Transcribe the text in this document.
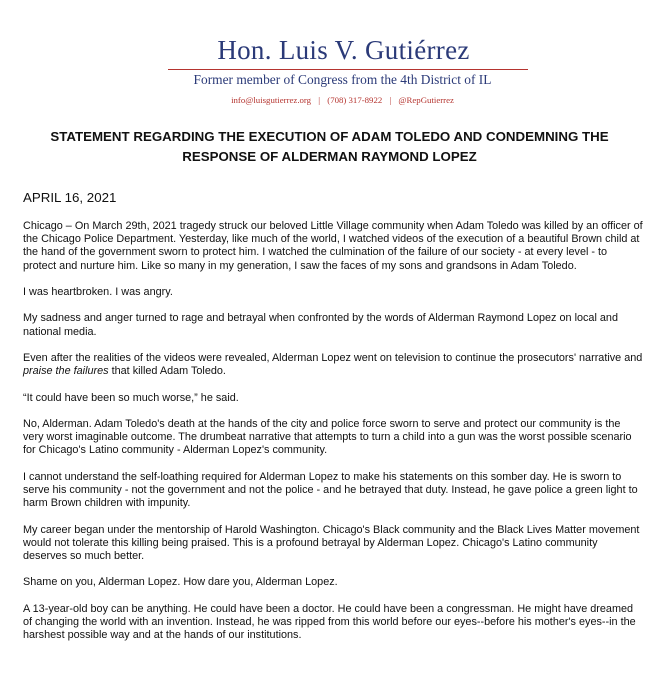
Hon. Luis V. Gutiérrez
Former member of Congress from the 4th District of IL
info@luisgutierrez.org | (708) 317-8922 | @RepGutierrez
STATEMENT REGARDING THE EXECUTION OF ADAM TOLEDO AND CONDEMNING THE
RESPONSE OF ALDERMAN RAYMOND LOPEZ
APRIL 16, 2021

Chicago – On March 29th, 2021 tragedy struck our beloved Little Village community when Adam Toledo was killed by an officer of the Chicago Police Department. Yesterday, like much of the world, I watched videos of the execution of a beautiful Brown child at the hand of the government sworn to protect him. I watched the culmination of the failure of our society - at every level - to protect and nurture him. Like so many in my generation, I saw the faces of my sons and grandsons in Adam Toledo.

I was heartbroken. I was angry.

My sadness and anger turned to rage and betrayal when confronted by the words of Alderman Raymond Lopez on local and national media.

Even after the realities of the videos were revealed, Alderman Lopez went on television to continue the prosecutors' narrative and praise the failures that killed Adam Toledo.

“It could have been so much worse,” he said.

No, Alderman. Adam Toledo's death at the hands of the city and police force sworn to serve and protect our community is the very worst imaginable outcome. The drumbeat narrative that attempts to turn a child into a gun was the worst possible scenario for Chicago's Latino community - Alderman Lopez's community.

I cannot understand the self-loathing required for Alderman Lopez to make his statements on this somber day. He is sworn to serve his community - not the government and not the police - and he betrayed that duty. Instead, he gave police a green light to harm Brown children with impunity.

My career began under the mentorship of Harold Washington. Chicago's Black community and the Black Lives Matter movement would not tolerate this killing being praised. This is a profound betrayal by Alderman Lopez. Chicago's Latino community deserves so much better.

Shame on you, Alderman Lopez. How dare you, Alderman Lopez.

A 13-year-old boy can be anything. He could have been a doctor. He could have been a congressman. He might have dreamed of changing the world with an invention. Instead, he was ripped from this world before our eyes--before his mother's eyes--in the harshest possible way and at the hands of our institutions.
